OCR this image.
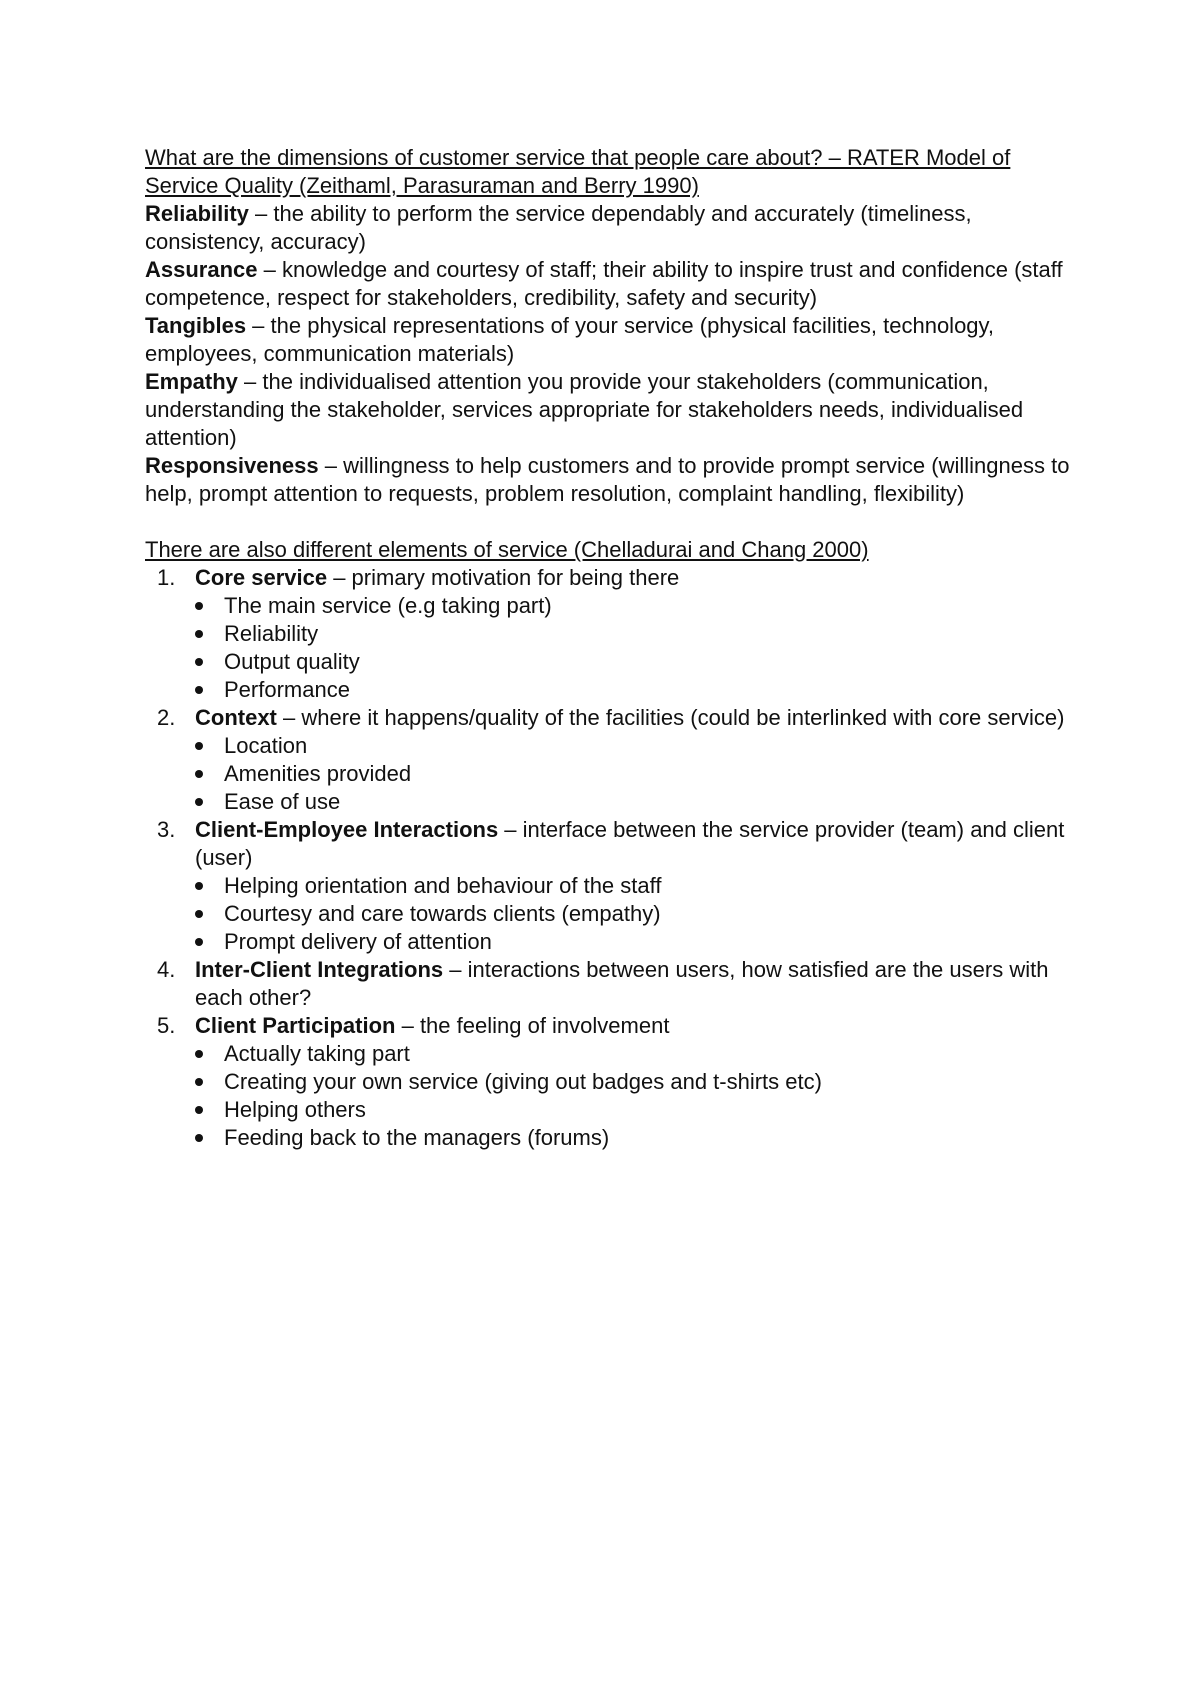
What are the dimensions of customer service that people care about? – RATER Model of Service Quality (Zeithaml, Parasuraman and Berry 1990)

Reliability – the ability to perform the service dependably and accurately (timeliness, consistency, accuracy)

Assurance – knowledge and courtesy of staff; their ability to inspire trust and confidence (staff competence, respect for stakeholders, credibility, safety and security)

Tangibles – the physical representations of your service (physical facilities, technology, employees, communication materials)

Empathy – the individualised attention you provide your stakeholders (communication, understanding the stakeholder, services appropriate for stakeholders needs, individualised attention)

Responsiveness – willingness to help customers and to provide prompt service (willingness to help, prompt attention to requests, problem resolution, complaint handling, flexibility)

There are also different elements of service (Chelladurai and Chang 2000)

1. Core service – primary motivation for being there
The main service (e.g taking part)
Reliability
Output quality
Performance
2. Context – where it happens/quality of the facilities (could be interlinked with core service)
Location
Amenities provided
Ease of use
3. Client-Employee Interactions – interface between the service provider (team) and client (user)
Helping orientation and behaviour of the staff
Courtesy and care towards clients (empathy)
Prompt delivery of attention
4. Inter-Client Integrations – interactions between users, how satisfied are the users with each other?
5. Client Participation – the feeling of involvement
Actually taking part
Creating your own service (giving out badges and t-shirts etc)
Helping others
Feeding back to the managers (forums)
